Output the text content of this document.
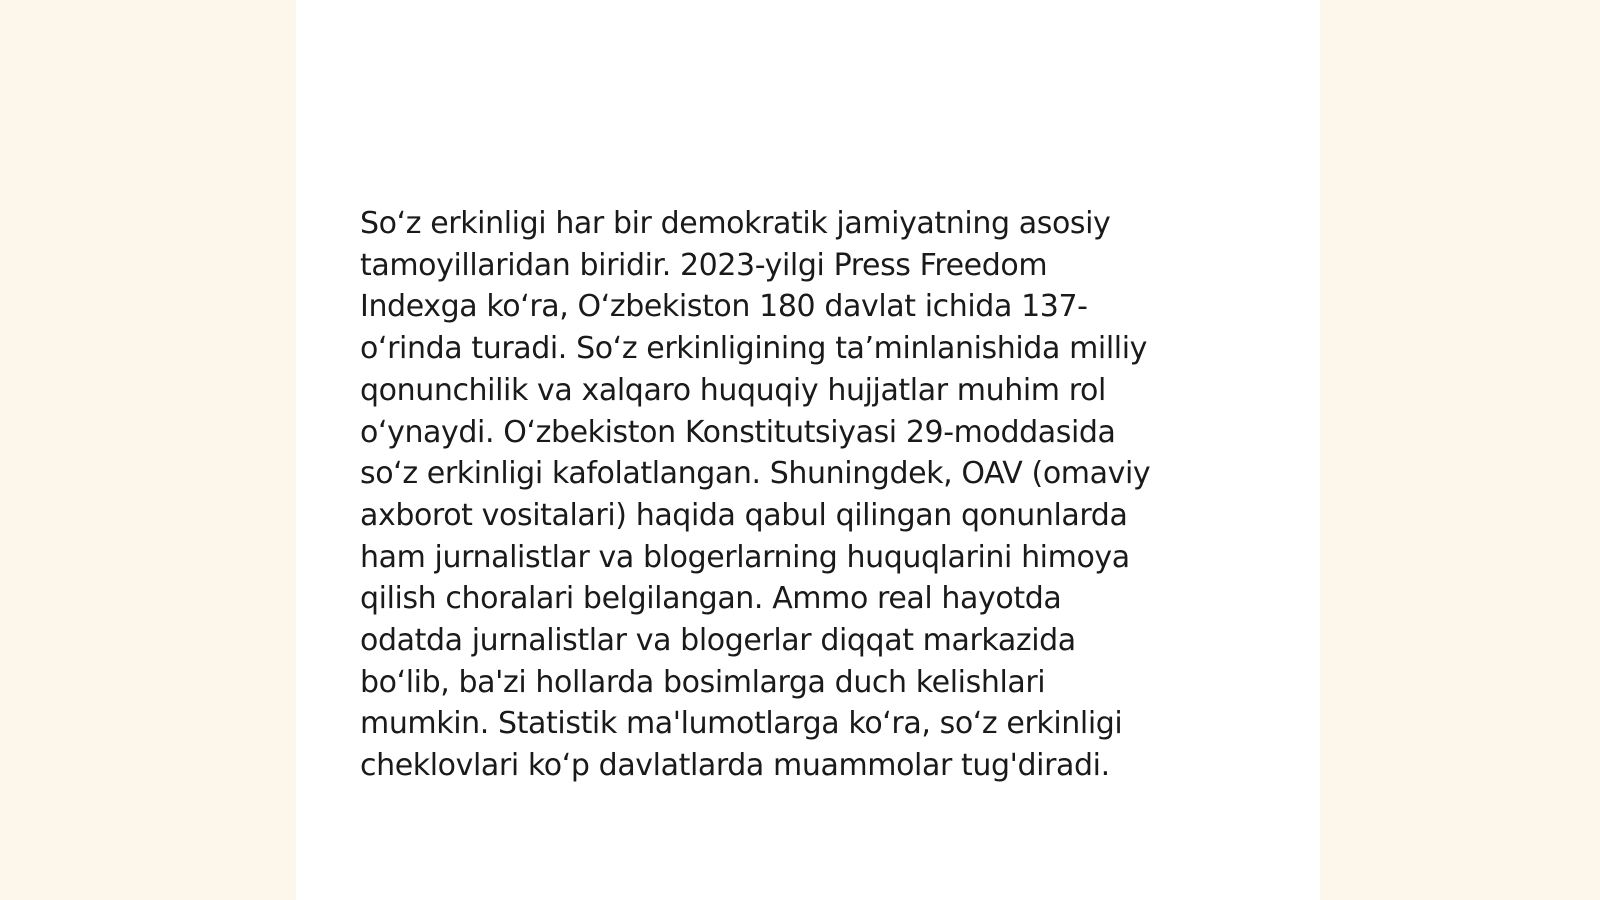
So‘z erkinligi har bir demokratik jamiyatning asosiy
tamoyillaridan biridir. 2023-yilgi Press Freedom
Indexga ko‘ra, O‘zbekiston 180 davlat ichida 137-
o‘rinda turadi. So‘z erkinligining ta’minlanishida milliy
qonunchilik va xalqaro huquqiy hujjatlar muhim rol
o‘ynaydi. O‘zbekiston Konstitutsiyasi 29-moddasida
so‘z erkinligi kafolatlangan. Shuningdek, OAV (omaviy
axborot vositalari) haqida qabul qilingan qonunlarda
ham jurnalistlar va blogerlarning huquqlarini himoya
qilish choralari belgilangan. Ammo real hayotda
odatda jurnalistlar va blogerlar diqqat markazida
bo‘lib, ba'zi hollarda bosimlarga duch kelishlari
mumkin. Statistik ma'lumotlarga ko‘ra, so‘z erkinligi
cheklovlari ko‘p davlatlarda muammolar tug'diradi.
